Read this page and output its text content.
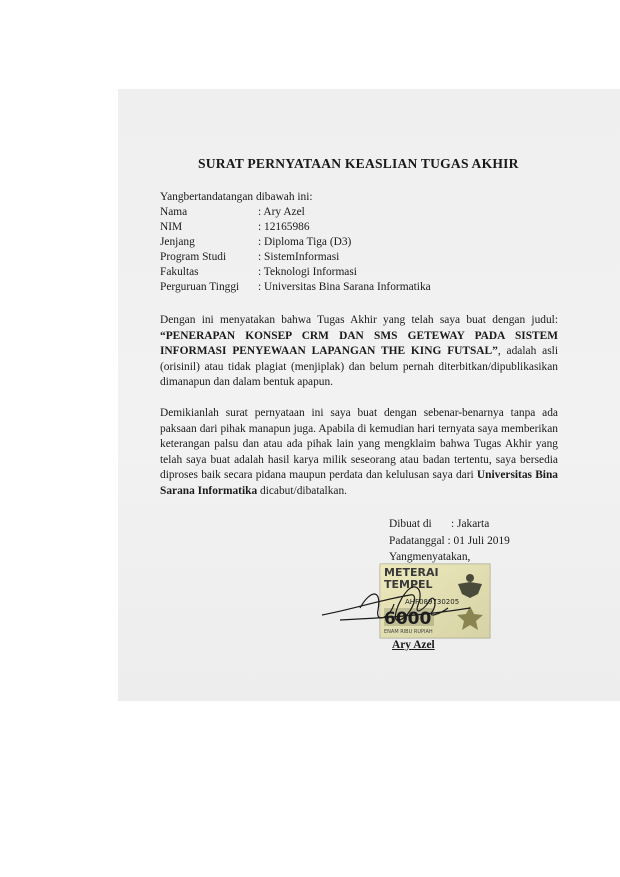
SURAT PERNYATAAN KEASLIAN TUGAS AKHIR
Yangbertandatangan dibawah ini:
Nama	: Ary Azel
NIM	: 12165986
Jenjang	: Diploma Tiga (D3)
Program Studi	: SistemInformasi
Fakultas	: Teknologi Informasi
Perguruan Tinggi : Universitas Bina Sarana Informatika
Dengan ini menyatakan bahwa Tugas Akhir yang telah saya buat dengan judul: “PENERAPAN KONSEP CRM DAN SMS GETEWAY PADA SISTEM INFORMASI PENYEWAAN LAPANGAN THE KING FUTSAL”, adalah asli (orisinil) atau tidak plagiat (menjiplak) dan belum pernah diterbitkan/dipublikasikan dimanapun dan dalam bentuk apapun.
Demikianlah surat pernyataan ini saya buat dengan sebenar-benarnya tanpa ada paksaan dari pihak manapun juga. Apabila di kemudian hari ternyata saya memberikan keterangan palsu dan atau ada pihak lain yang mengklaim bahwa Tugas Akhir yang telah saya buat adalah hasil karya milik seseorang atau badan tertentu, saya bersedia diproses baik secara pidana maupun perdata dan kelulusan saya dari Universitas Bina Sarana Informatika dicabut/dibatalkan.
Dibuat di : Jakarta
Padatanggal : 01 Juli 2019
Yangmenyatakan,
METERAI
TEMPEL
AHF089730205
6000
ENAM RIBU RUPIAH
Ary Azel
